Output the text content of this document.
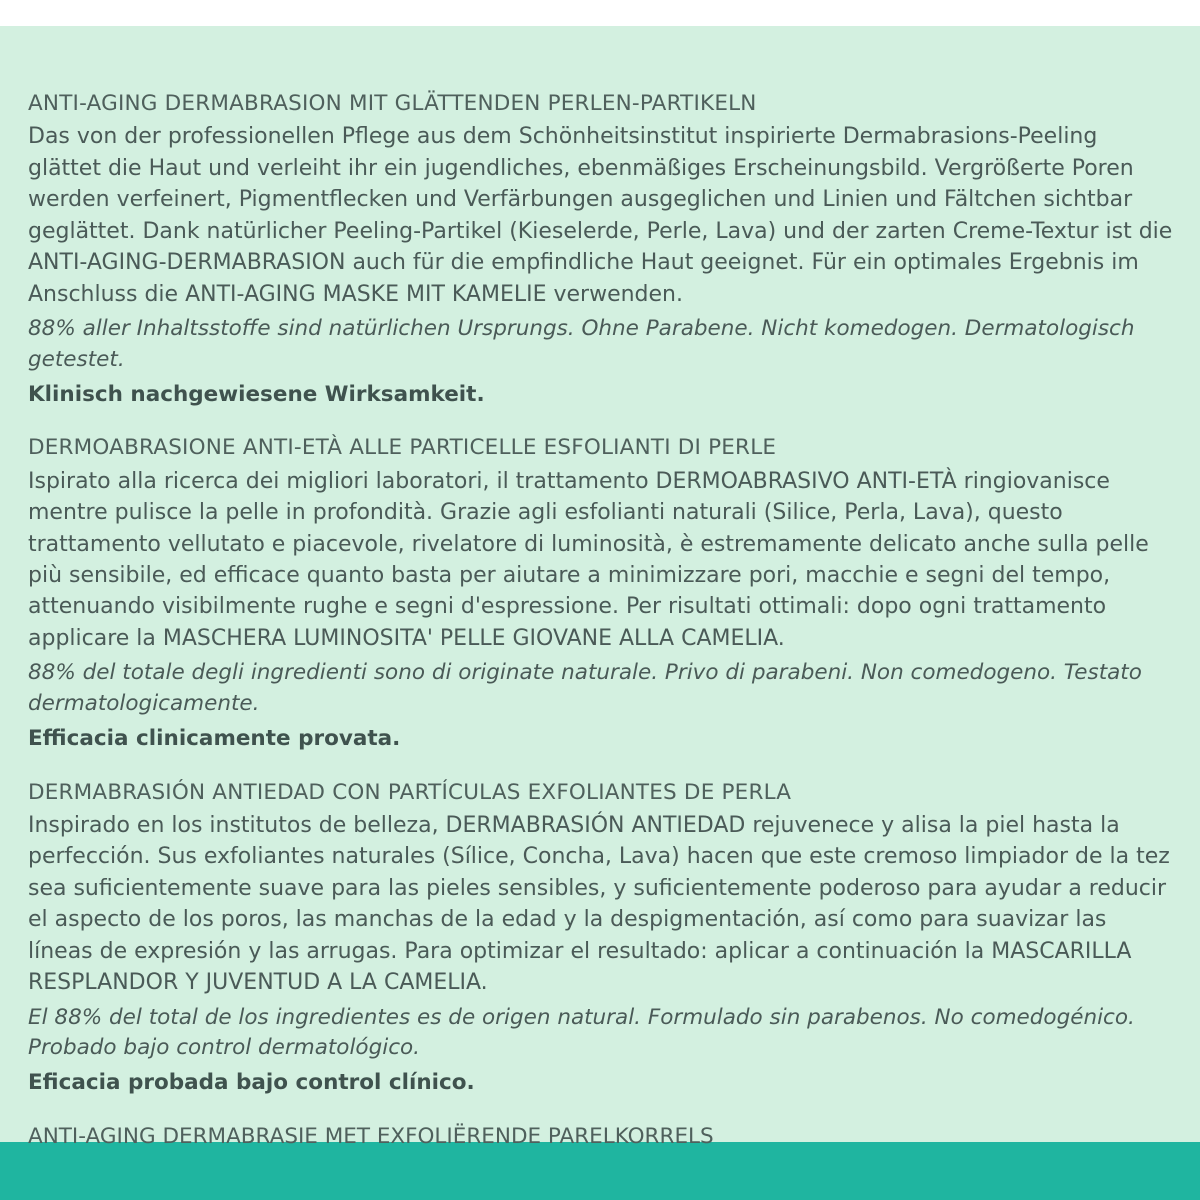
ANTI-AGING DERMABRASION MIT GLÄTTENDEN PERLEN-PARTIKELN

Das von der professionellen Pflege aus dem Schönheitsinstitut inspirierte Dermabrasions-Peeling glättet die Haut und verleiht ihr ein jugendliches, ebenmäßiges Erscheinungsbild. Vergrößerte Poren werden verfeinert, Pigmentflecken und Verfärbungen ausgeglichen und Linien und Fältchen sichtbar geglättet. Dank natürlicher Peeling-Partikel (Kieselerde, Perle, Lava) und der zarten Creme-Textur ist die ANTI-AGING-DERMABRASION auch für die empfindliche Haut geeignet. Für ein optimales Ergebnis im Anschluss die ANTI-AGING MASKE MIT KAMELIE verwenden.

88% aller Inhaltsstoffe sind natürlichen Ursprungs. Ohne Parabene. Nicht komedogen. Dermatologisch getestet.

Klinisch nachgewiesene Wirksamkeit.

DERMOABRASIONE ANTI-ETÀ ALLE PARTICELLE ESFOLIANTI DI PERLE

Ispirato alla ricerca dei migliori laboratori, il trattamento DERMOABRASIVO ANTI-ETÀ ringiovanisce mentre pulisce la pelle in profondità. Grazie agli esfolianti naturali (Silice, Perla, Lava), questo trattamento vellutato e piacevole, rivelatore di luminosità, è estremamente delicato anche sulla pelle più sensibile, ed efficace quanto basta per aiutare a minimizzare pori, macchie e segni del tempo, attenuando visibilmente rughe e segni d'espressione. Per risultati ottimali: dopo ogni trattamento applicare la MASCHERA LUMINOSITA' PELLE GIOVANE ALLA CAMELIA.

88% del totale degli ingredienti sono di originate naturale. Privo di parabeni. Non comedogeno. Testato dermatologicamente.

Efficacia clinicamente provata.

DERMABRASIÓN ANTIEDAD CON PARTÍCULAS EXFOLIANTES DE PERLA

Inspirado en los institutos de belleza, DERMABRASIÓN ANTIEDAD rejuvenece y alisa la piel hasta la perfección. Sus exfoliantes naturales (Sílice, Concha, Lava) hacen que este cremoso limpiador de la tez sea suficientemente suave para las pieles sensibles, y suficientemente poderoso para ayudar a reducir el aspecto de los poros, las manchas de la edad y la despigmentación, así como para suavizar las líneas de expresión y las arrugas. Para optimizar el resultado: aplicar a continuación la MASCARILLA RESPLANDOR Y JUVENTUD A LA CAMELIA.

El 88% del total de los ingredientes es de origen natural. Formulado sin parabenos. No comedogénico. Probado bajo control dermatológico.

Eficacia probada bajo control clínico.

ANTI-AGING DERMABRASIE MET EXFOLIËRENDE PARELKORRELS
